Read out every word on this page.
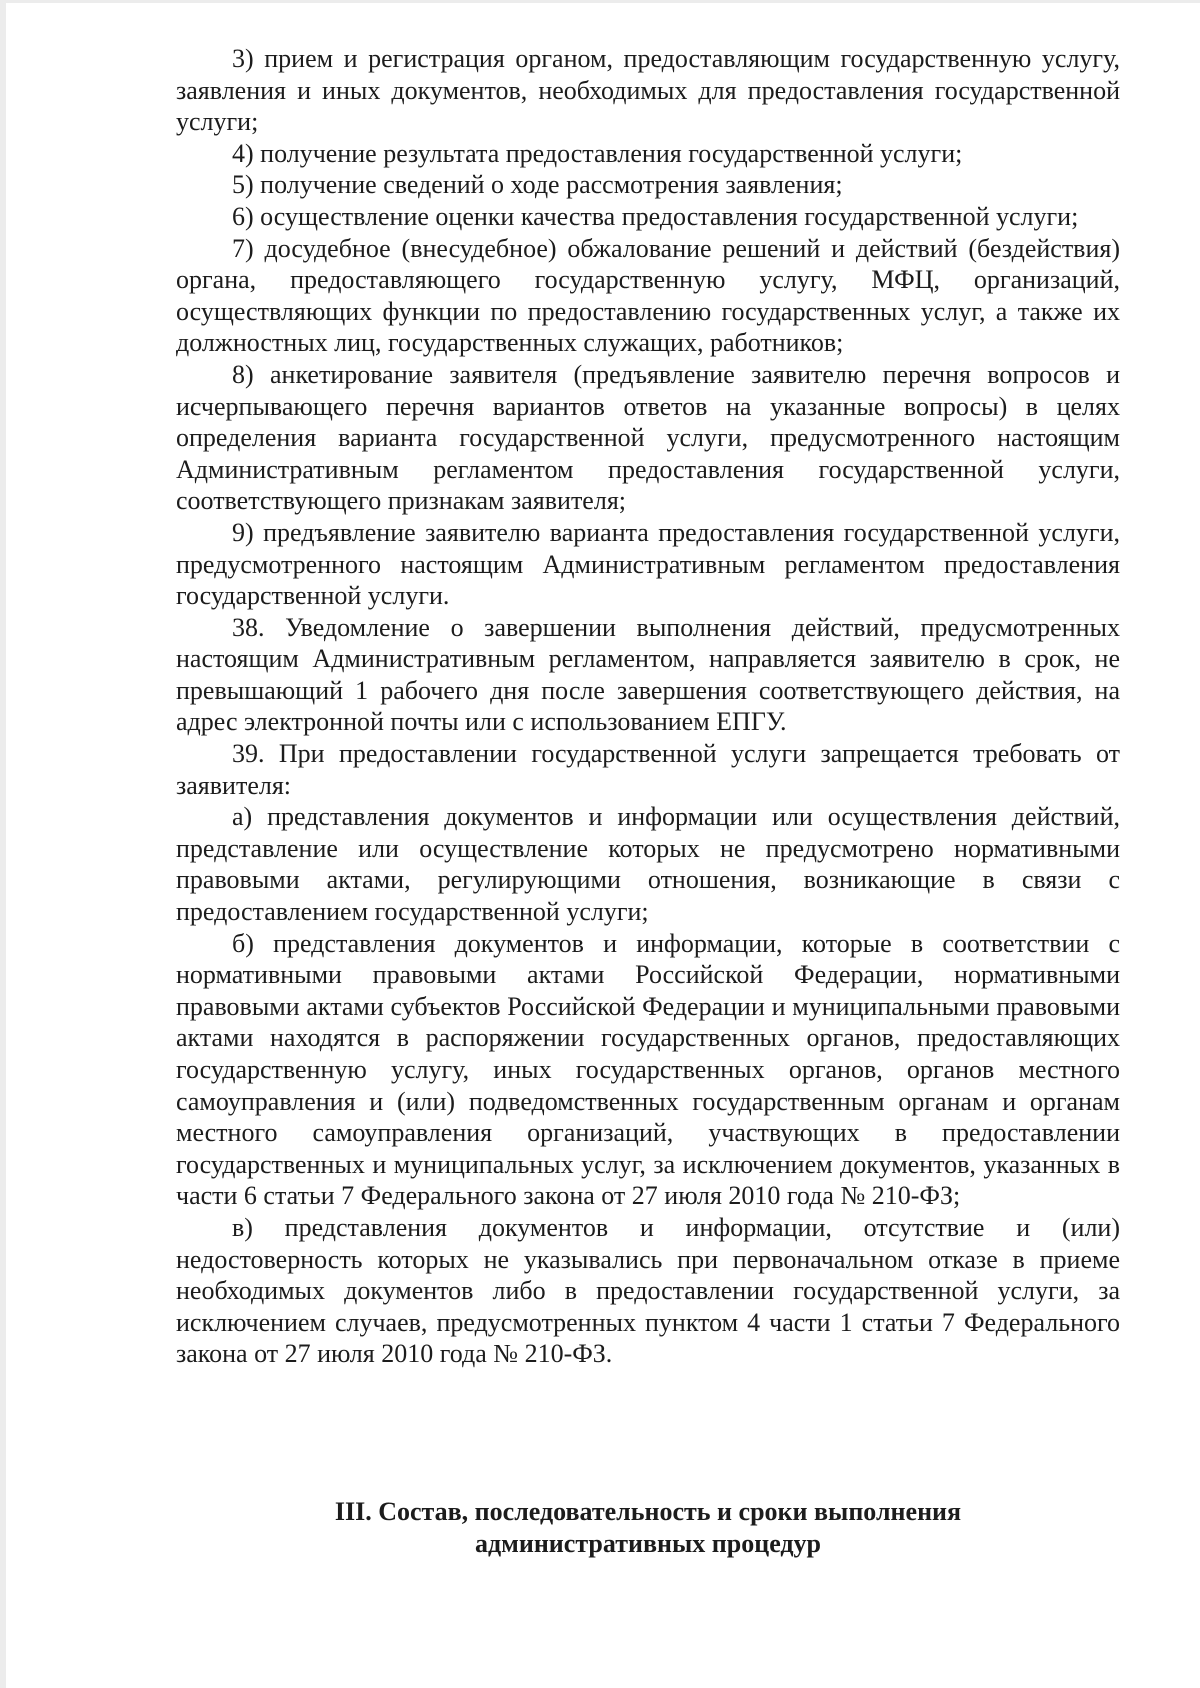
3) прием и регистрация органом, предоставляющим государственную услугу, заявления и иных документов, необходимых для предоставления государственной услуги;

4) получение результата предоставления государственной услуги;

5) получение сведений о ходе рассмотрения заявления;

6) осуществление оценки качества предоставления государственной услуги;

7) досудебное (внесудебное) обжалование решений и действий (бездействия) органа, предоставляющего государственную услугу, МФЦ, организаций, осуществляющих функции по предоставлению государственных услуг, а также их должностных лиц, государственных служащих, работников;

8) анкетирование заявителя (предъявление заявителю перечня вопросов и исчерпывающего перечня вариантов ответов на указанные вопросы) в целях определения варианта государственной услуги, предусмотренного настоящим Административным регламентом предоставления государственной услуги, соответствующего признакам заявителя;

9) предъявление заявителю варианта предоставления государственной услуги, предусмотренного настоящим Административным регламентом предоставления государственной услуги.

38. Уведомление о завершении выполнения действий, предусмотренных настоящим Административным регламентом, направляется заявителю в срок, не превышающий 1 рабочего дня после завершения соответствующего действия, на адрес электронной почты или с использованием ЕПГУ.

39. При предоставлении государственной услуги запрещается требовать от заявителя:

а) представления документов и информации или осуществления действий, представление или осуществление которых не предусмотрено нормативными правовыми актами, регулирующими отношения, возникающие в связи с предоставлением государственной услуги;

б) представления документов и информации, которые в соответствии с нормативными правовыми актами Российской Федерации, нормативными правовыми актами субъектов Российской Федерации и муниципальными правовыми актами находятся в распоряжении государственных органов, предоставляющих государственную услугу, иных государственных органов, органов местного самоуправления и (или) подведомственных государственным органам и органам местного самоуправления организаций, участвующих в предоставлении государственных и муниципальных услуг, за исключением документов, указанных в части 6 статьи 7 Федерального закона от 27 июля 2010 года № 210-ФЗ;

в) представления документов и информации, отсутствие и (или) недостоверность которых не указывались при первоначальном отказе в приеме необходимых документов либо в предоставлении государственной услуги, за исключением случаев, предусмотренных пунктом 4 части 1 статьи 7 Федерального закона от 27 июля 2010 года № 210-ФЗ.

III. Состав, последовательность и сроки выполнения
административных процедур
